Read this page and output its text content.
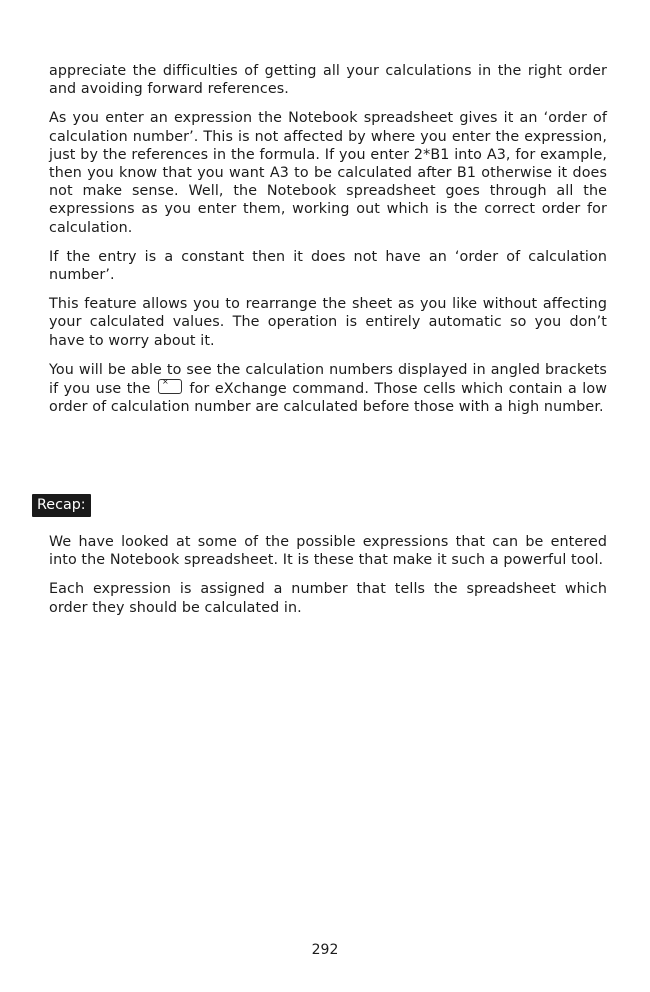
appreciate the difficulties of getting all your calculations in the right order and avoiding forward references.

As you enter an expression the Notebook spreadsheet gives it an ‘order of calculation number’. This is not affected by where you enter the expression, just by the references in the formula. If you enter 2*B1 into A3, for example, then you know that you want A3 to be calculated after B1 otherwise it does not make sense. Well, the Notebook spreadsheet goes through all the expressions as you enter them, working out which is the correct order for calculation.

If the entry is a constant then it does not have an ‘order of calculation number’.

This feature allows you to rearrange the sheet as you like without affecting your calculated values. The operation is entirely automatic so you don’t have to worry about it.

You will be able to see the calculation numbers displayed in angled brackets if you use the × for eXchange command. Those cells which contain a low order of calculation number are calculated before those with a high number.

Recap:

We have looked at some of the possible expressions that can be entered into the Notebook spreadsheet. It is these that make it such a powerful tool.

Each expression is assigned a number that tells the spreadsheet which order they should be calculated in.

292
